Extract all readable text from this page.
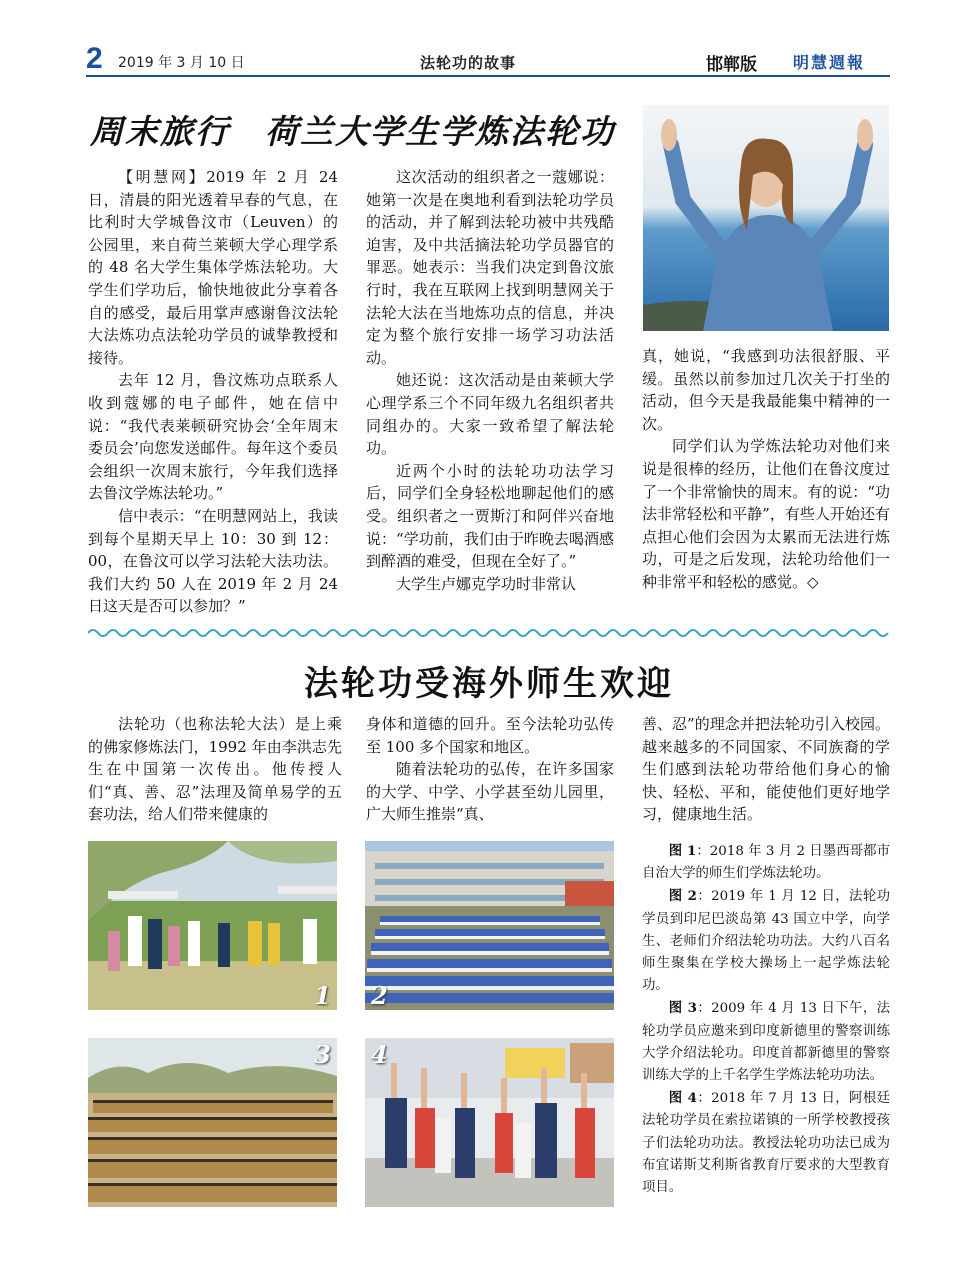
2 2019 年 3 月 10 日	法轮功的故事	邯郸版 明慧週報
周末旅行　荷兰大学生学炼法轮功

【明慧网】2019 年 2 月 24 日，清晨的阳光透着早春的气息，在比利时大学城鲁汶市（Leuven）的公园里，来自荷兰莱顿大学心理学系的 48 名大学生集体学炼法轮功。大学生们学功后，愉快地彼此分享着各自的感受，最后用掌声感谢鲁汶法轮大法炼功点法轮功学员的诚挚教授和接待。

去年 12 月，鲁汶炼功点联系人收到蔻娜的电子邮件，她在信中说：“我代表莱顿研究协会‘全年周末委员会’向您发送邮件。每年这个委员会组织一次周末旅行，今年我们选择去鲁汶学炼法轮功。”

信中表示：“在明慧网站上，我读到每个星期天早上 10：30 到 12：00，在鲁汶可以学习法轮大法功法。我们大约 50 人在 2019 年 2 月 24 日这天是否可以参加？”

这次活动的组织者之一蔻娜说：她第一次是在奥地利看到法轮功学员的活动，并了解到法轮功被中共残酷迫害，及中共活摘法轮功学员器官的罪恶。她表示：当我们决定到鲁汶旅行时，我在互联网上找到明慧网关于法轮大法在当地炼功点的信息，并决定为整个旅行安排一场学习功法活动。

她还说：这次活动是由莱顿大学心理学系三个不同年级九名组织者共同组办的。大家一致希望了解法轮功。

近两个小时的法轮功功法学习后，同学们全身轻松地聊起他们的感受。组织者之一贾斯汀和阿伴兴奋地说：“学功前，我们由于昨晚去喝酒感到醉酒的难受，但现在全好了。”

大学生卢娜克学功时非常认

真，她说，“我感到功法很舒服、平缓。虽然以前参加过几次关于打坐的活动，但今天是我最能集中精神的一次。

同学们认为学炼法轮功对他们来说是很棒的经历，让他们在鲁汶度过了一个非常愉快的周末。有的说：“功法非常轻松和平静”，有些人开始还有点担心他们会因为太累而无法进行炼功，可是之后发现，法轮功给他们一种非常平和轻松的感觉。◇

法轮功受海外师生欢迎

法轮功（也称法轮大法）是上乘的佛家修炼法门，1992 年由李洪志先生在中国第一次传出。他传授人们“真、善、忍”法理及简单易学的五套功法，给人们带来健康的

身体和道德的回升。至今法轮功弘传至 100 多个国家和地区。

随着法轮功的弘传，在许多国家的大学、中学、小学甚至幼儿园里，广大师生推崇“真、

善、忍”的理念并把法轮功引入校园。越来越多的不同国家、不同族裔的学生们感到法轮功带给他们身心的愉快、轻松、平和，能使他们更好地学习，健康地生活。

1 2
3 4

图 1：2018 年 3 月 2 日墨西哥都市自治大学的师生们学炼法轮功。

图 2：2019 年 1 月 12 日，法轮功学员到印尼巴淡岛第 43 国立中学，向学生、老师们介绍法轮功功法。大约八百名师生聚集在学校大操场上一起学炼法轮功。

图 3：2009 年 4 月 13 日下午，法轮功学员应邀来到印度新德里的警察训练大学介绍法轮功。印度首都新德里的警察训练大学的上千名学生学炼法轮功功法。

图 4：2018 年 7 月 13 日，阿根廷法轮功学员在索拉诺镇的一所学校教授孩子们法轮功功法。教授法轮功功法已成为布宜诺斯艾利斯省教育厅要求的大型教育项目。
